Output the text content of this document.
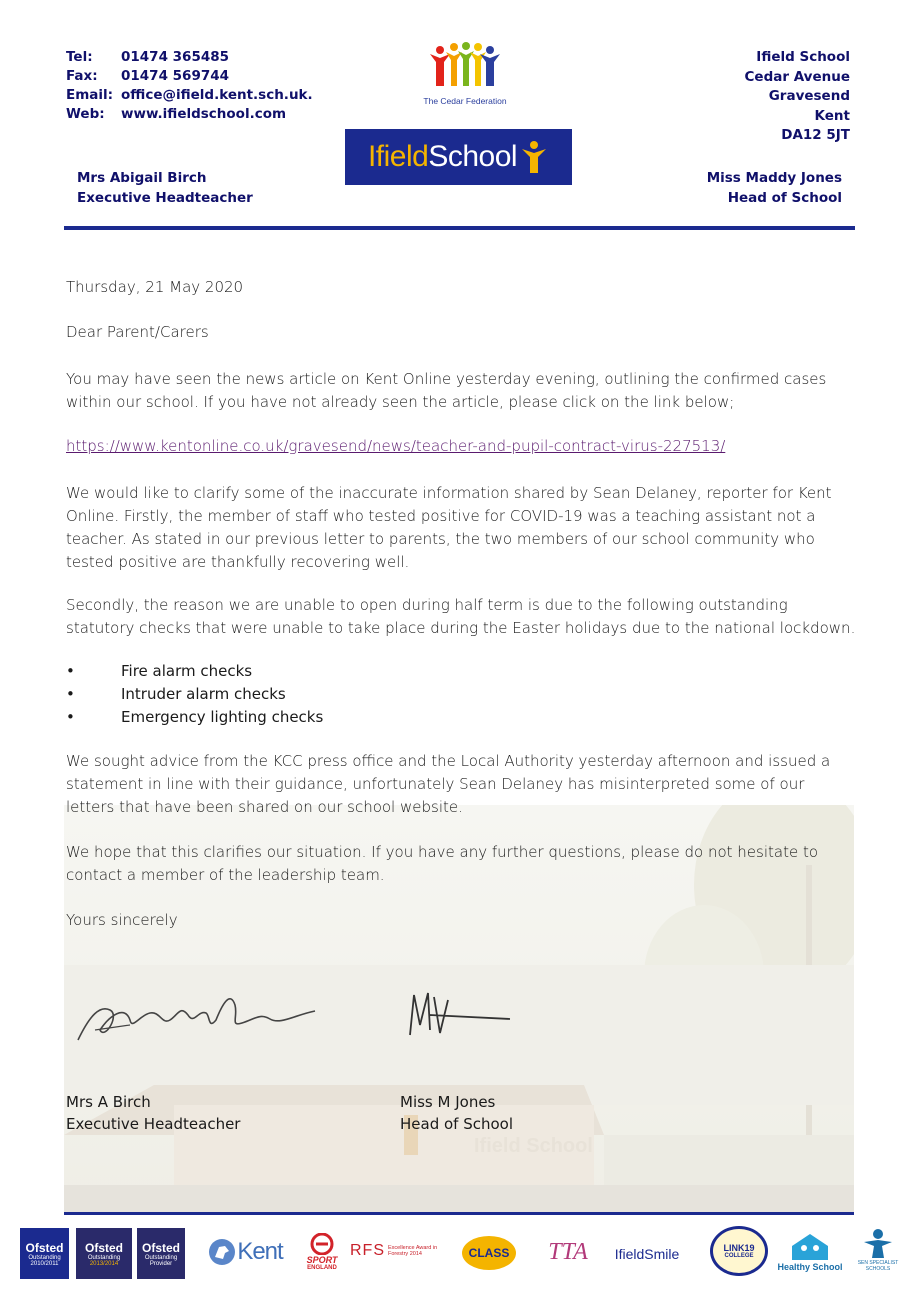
Tel:	01474 365485
Fax:	01474 569744
Email: office@ifield.kent.sch.uk.
Web:	www.ifieldschool.com
The Cedar Federation
Ifield School
Ifield School
Cedar Avenue
Gravesend
Kent
DA12 5JT
Mrs Abigail Birch
Executive Headteacher
Miss Maddy Jones
Head of School
Ifield School
Thursday, 21 May 2020
Dear Parent/Carers
You may have seen the news article on Kent Online yesterday evening, outlining the confirmed cases within our school. If you have not already seen the article, please click on the link below;
https://www.kentonline.co.uk/gravesend/news/teacher-and-pupil-contract-virus-227513/
We would like to clarify some of the inaccurate information shared by Sean Delaney, reporter for Kent Online. Firstly, the member of staff who tested positive for COVID-19 was a teaching assistant not a teacher. As stated in our previous letter to parents, the two members of our school community who tested positive are thankfully recovering well.
Secondly, the reason we are unable to open during half term is due to the following outstanding statutory checks that were unable to take place during the Easter holidays due to the national lockdown.
•	Fire alarm checks
•	Intruder alarm checks
•	Emergency lighting checks
We sought advice from the KCC press office and the Local Authority yesterday afternoon and issued a statement in line with their guidance, unfortunately Sean Delaney has misinterpreted some of our letters that have been shared on our school website.
We hope that this clarifies our situation. If you have any further questions, please do not hesitate to contact a member of the leadership team.
Yours sincerely
Mrs A Birch
Executive Headteacher
Miss M Jones
Head of School
Ofsted
Outstanding
2010/2011
Ofsted
Outstanding
2013/2014
Ofsted
Outstanding
Provider	Kent	SPORT
ENGLAND
RFS Excellence Award in Forestry 2014	CLASS TTA IfieldSmile	LINK19
COLLEGE
Healthy School	SEN SPECIALIST SCHOOLS
